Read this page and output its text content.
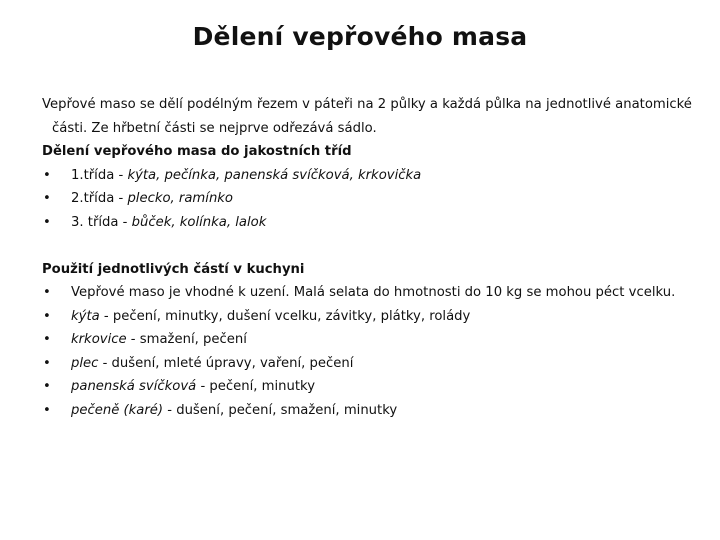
Dělení vepřového masa
Vepřové maso se dělí podélným řezem v páteři na 2 půlky a každá půlka na jednotlivé anatomické
části. Ze hřbetní části se nejprve odřezává sádlo.
Dělení vepřového masa do jakostních tříd
•	1.třída - kýta, pečínka, panenská svíčková, krkovička
•	2.třída - plecko, ramínko
•	3. třída - bůček, kolínka, lalok
Použití jednotlivých částí v kuchyni
•	Vepřové maso je vhodné k uzení. Malá selata do hmotnosti do 10 kg se mohou péct vcelku.
•	kýta - pečení, minutky, dušení vcelku, závitky, plátky, rolády
•	krkovice - smažení, pečení
•	plec - dušení, mleté úpravy, vaření, pečení
•	panenská svíčková - pečení, minutky
•	pečeně (karé) - dušení, pečení, smažení, minutky
